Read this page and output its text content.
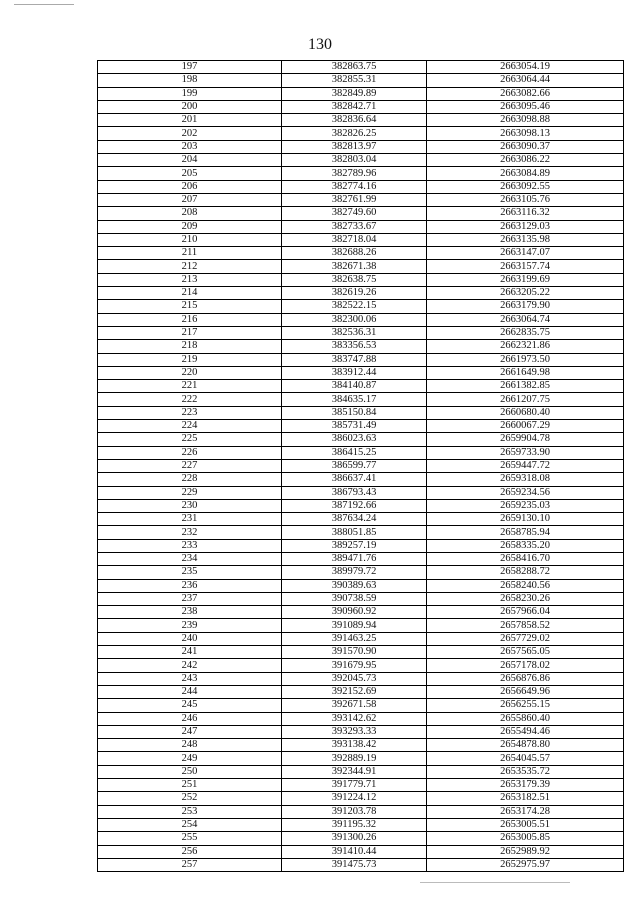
130
197	382863.75	2663054.19
198	382855.31	2663064.44
199	382849.89	2663082.66
200	382842.71	2663095.46
201	382836.64	2663098.88
202	382826.25	2663098.13
203	382813.97	2663090.37
204	382803.04	2663086.22
205	382789.96	2663084.89
206	382774.16	2663092.55
207	382761.99	2663105.76
208	382749.60	2663116.32
209	382733.67	2663129.03
210	382718.04	2663135.98
211	382688.26	2663147.07
212	382671.38	2663157.74
213	382638.75	2663199.69
214	382619.26	2663205.22
215	382522.15	2663179.90
216	382300.06	2663064.74
217	382536.31	2662835.75
218	383356.53	2662321.86
219	383747.88	2661973.50
220	383912.44	2661649.98
221	384140.87	2661382.85
222	384635.17	2661207.75
223	385150.84	2660680.40
224	385731.49	2660067.29
225	386023.63	2659904.78
226	386415.25	2659733.90
227	386599.77	2659447.72
228	386637.41	2659318.08
229	386793.43	2659234.56
230	387192.66	2659235.03
231	387634.24	2659130.10
232	388051.85	2658785.94
233	389257.19	2658335.20
234	389471.76	2658416.70
235	389979.72	2658288.72
236	390389.63	2658240.56
237	390738.59	2658230.26
238	390960.92	2657966.04
239	391089.94	2657858.52
240	391463.25	2657729.02
241	391570.90	2657565.05
242	391679.95	2657178.02
243	392045.73	2656876.86
244	392152.69	2656649.96
245	392671.58	2656255.15
246	393142.62	2655860.40
247	393293.33	2655494.46
248	393138.42	2654878.80
249	392889.19	2654045.57
250	392344.91	2653535.72
251	391779.71	2653179.39
252	391224.12	2653182.51
253	391203.78	2653174.28
254	391195.32	2653005.51
255	391300.26	2653005.85
256	391410.44	2652989.92
257	391475.73	2652975.97
